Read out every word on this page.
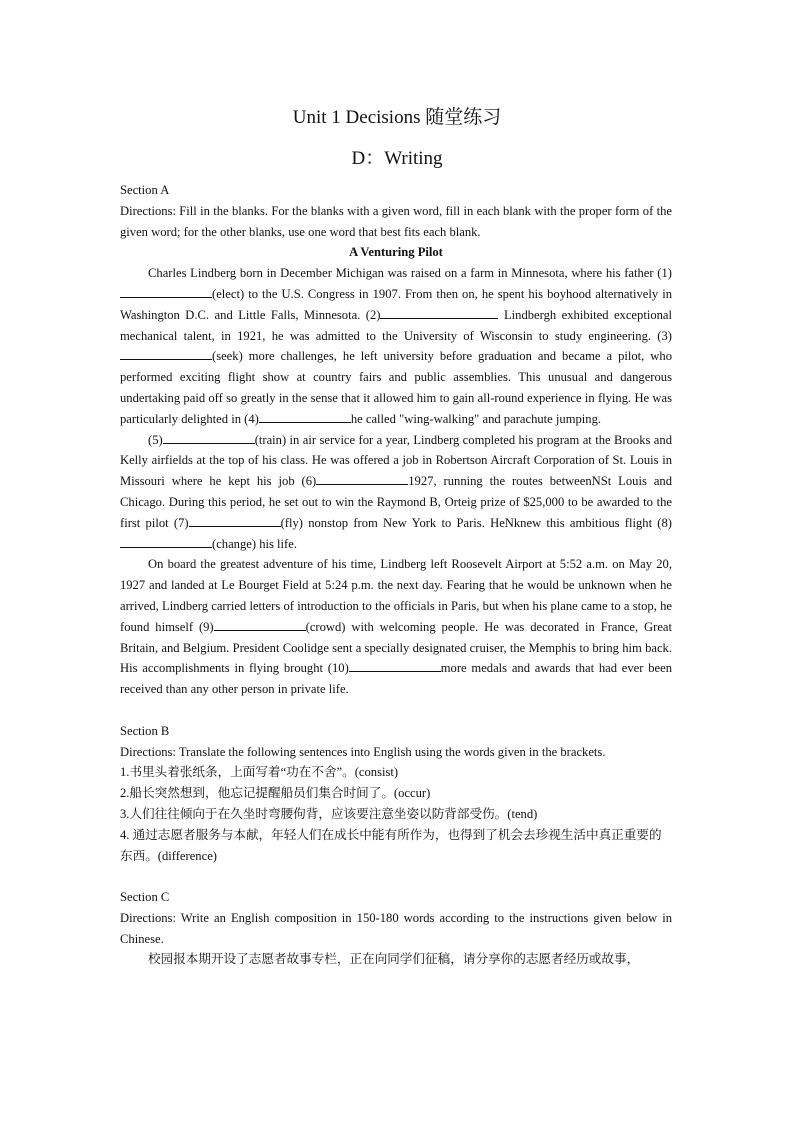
Unit 1 Decisions 随堂练习
D：Writing

Section A

Directions: Fill in the blanks. For the blanks with a given word, fill in each blank with the proper form of the given word; for the other blanks, use one word that best fits each blank.

A Venturing Pilot

Charles Lindberg born in December Michigan was raised on a farm in Minnesota, where his father (1)(elect) to the U.S. Congress in 1907. From then on, he spent his boyhood alternatively in Washington D.C. and Little Falls, Minnesota. (2)	Lindbergh exhibited exceptional mechanical talent, in 1921, he was admitted to the University of Wisconsin to study engineering. (3)(seek) more challenges, he left university before graduation and became a pilot, who performed exciting flight show at country fairs and public assemblies. This unusual and dangerous undertaking paid off so greatly in the sense that it allowed him to gain all-round experience in flying. He was particularly delighted in (4)	he called "wing-walking" and parachute jumping.

(5)	(train) in air service for a year, Lindberg completed his program at the Brooks and Kelly airfields at the top of his class. He was offered a job in Robertson Aircraft Corporation of St. Louis in Missouri where he kept his job (6)	1927, running the routes betweenNSt Louis and Chicago. During this period, he set out to win the Raymond B, Orteig prize of $25,000 to be awarded to the first pilot (7)	(fly) nonstop from New York to Paris. HeNknew this ambitious flight (8)(change) his life.

On board the greatest adventure of his time, Lindberg left Roosevelt Airport at 5:52 a.m. on May 20, 1927 and landed at Le Bourget Field at 5:24 p.m. the next day. Fearing that he would be unknown when he arrived, Lindberg carried letters of introduction to the officials in Paris, but when his plane came to a stop, he found himself (9)	(crowd) with welcoming people. He was decorated in France, Great Britain, and Belgium. President Coolidge sent a specially designated cruiser, the Memphis to bring him back. His accomplishments in flying brought (10)	more medals and awards that had ever been received than any other person in private life.

Section B

Directions: Translate the following sentences into English using the words given in the brackets.

1.书里头着张纸条，上面写着“功在不舍”。(consist)

2.船长突然想到，他忘记提醒船员们集合时间了。(occur)

3.人们往往倾向于在久坐时弯腰佝背，应该要注意坐姿以防背部受伤。(tend)

4. 通过志愿者服务与本献，年轻人们在成长中能有所作为，也得到了机会去珍视生活中真正重要的东西。(difference)

Section C

Directions: Write an English composition in 150-180 words according to the instructions given below in Chinese.

校园报本期开设了志愿者故事专栏，正在向同学们征稿，请分享你的志愿者经历或故事，
